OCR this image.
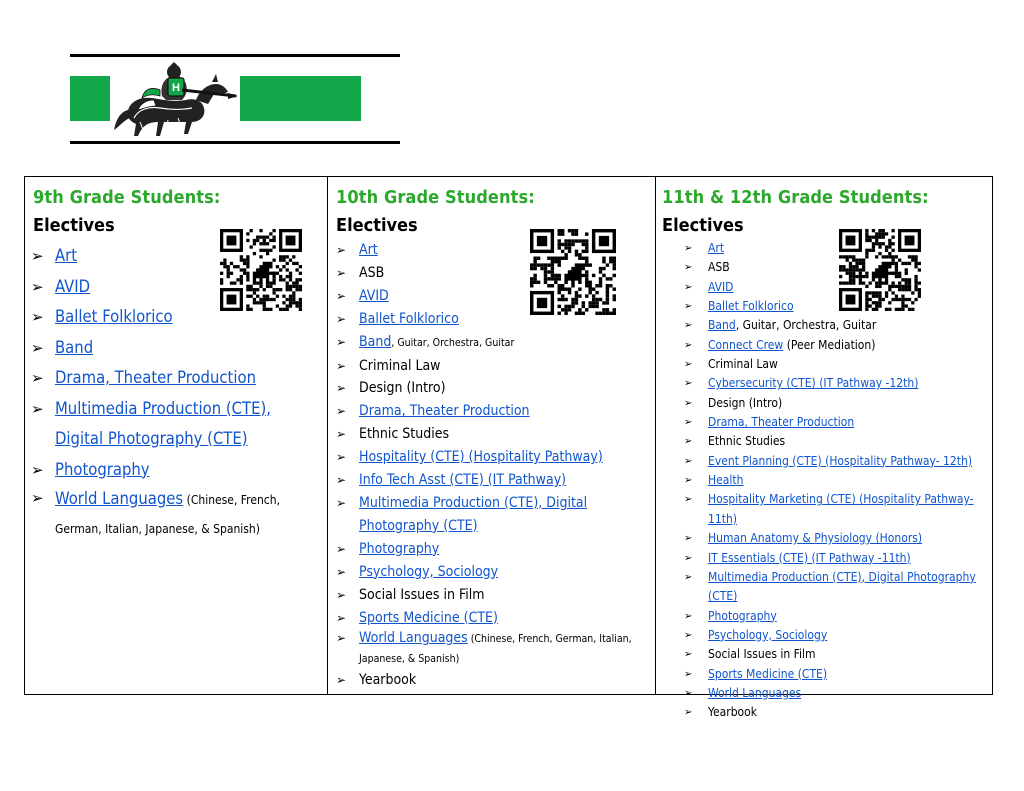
H

9th Grade Students:

Electives

➢ Art
➢ AVID
➢ Ballet Folklorico
➢ Band
➢ Drama, Theater Production
➢ Multimedia Production (CTE), Digital Photography (CTE)
➢ Photography
➢ World Languages (Chinese, French, German, Italian, Japanese, & Spanish)

10th Grade Students:

Electives

➢ Art
➢ ASB
➢ AVID
➢ Ballet Folklorico
➢ Band, Guitar, Orchestra, Guitar
➢ Criminal Law
➢ Design (Intro)
➢ Drama, Theater Production
➢ Ethnic Studies
➢ Hospitality (CTE) (Hospitality Pathway)
➢ Info Tech Asst (CTE) (IT Pathway)
➢ Multimedia Production (CTE), Digital Photography (CTE)
➢ Photography
➢ Psychology, Sociology
➢ Social Issues in Film
➢ Sports Medicine (CTE)
➢ World Languages (Chinese, French, German, Italian, Japanese, & Spanish)
➢ Yearbook

11th & 12th Grade Students:

Electives

➢ Art
➢ ASB
➢ AVID
➢ Ballet Folklorico
➢ Band, Guitar, Orchestra, Guitar
➢ Connect Crew (Peer Mediation)
➢ Criminal Law
➢ Cybersecurity (CTE) (IT Pathway -12th)
➢ Design (Intro)
➢ Drama, Theater Production
➢ Ethnic Studies
➢ Event Planning (CTE) (Hospitality Pathway- 12th)
➢ Health
➢ Hospitality Marketing (CTE) (Hospitality Pathway- 11th)
➢ Human Anatomy & Physiology (Honors)
➢ IT Essentials (CTE) (IT Pathway -11th)
➢ Multimedia Production (CTE), Digital Photography (CTE)
➢ Photography
➢ Psychology, Sociology
➢ Social Issues in Film
➢ Sports Medicine (CTE)
➢ World Languages
➢ Yearbook
